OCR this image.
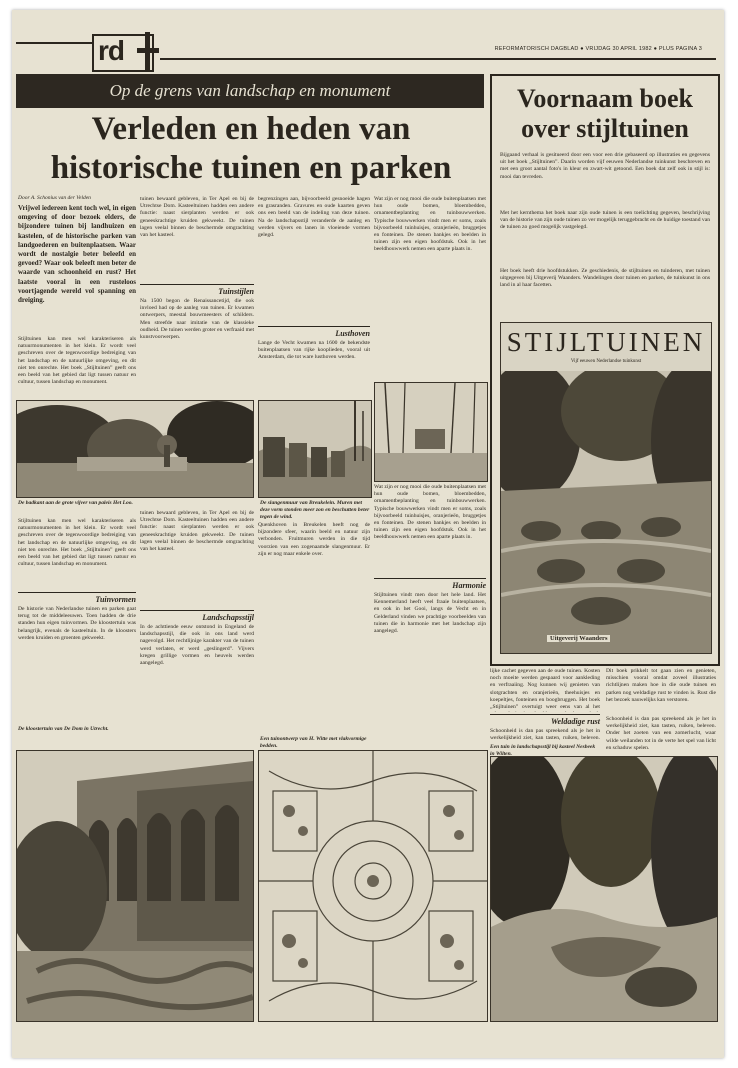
rd	REFORMATORISCH DAGBLAD ● VRIJDAG 30 APRIL 1982 ● PLUS PAGINA 3
Op de grens van landschap en monument
Verleden en heden van historische tuinen en parken
Door A. Schonius van der Velden
Vrijwel iedereen kent toch wel, in eigen omgeving of door bezoek elders, de bijzondere tuinen bij landhuizen en kastelen, of de historische parken van landgoederen en buitenplaatsen. Waar wordt de nostalgie beter beleefd en gevoed? Waar ook beleeft men beter de waarde van schoonheid en rust? Het laatste vooral in een rusteloos voortjagende wereld vol spanning en dreiging.
Stijltuinen kan men wel karakteriseren als natuurmonumenten in het klein. Er wordt veel geschreven over de tegenwoordige bedreiging van het landschap en de natuurlijke omgeving, en dit niet ten onrechte. Het boek „Stijltuinen” geeft ons een beeld van het gebied dat ligt tussen natuur en cultuur, tussen landschap en monument.
tuinen bewaard gebleven, in Ter Apel en bij de Utrechtse Dom. Kasteeltuinen hadden een andere functie: naast sierplanten werden er ook geneeskrachtige kruiden gekweekt. De tuinen lagen veelal binnen de beschermde omgrachting van het kasteel.
Tuinstijlen
Na 1500 begon de Renaissancetijd, die ook invloed had op de aanleg van tuinen. Er kwamen ontwerpers, meestal bouwmeesters of schilders. Men streefde naar imitatie van de klassieke oudheid. De tuinen werden groter en verfraaid met kunstvoorwerpen.
begrenzingen aan, bijvoorbeeld gesnoeide hagen en grasranden. Gravures en oude kaarten geven ons een beeld van de indeling van deze tuinen. Na de landschapsstijl veranderde de aanleg en werden vijvers en lanen in vloeiende vormen gelegd.
Lusthoven
Lange de Vecht kwamen na 1600 de bekendste buitenplaatsen van rijke kooplieden, vooral uit Amsterdam, die tot ware lusthoven werden.
Wat zijn er nog mooi die oude buitenplaatsen met hun oude bomen, bloembedden, ornamentbeplanting en tuinbouwwerken. Typische bouwwerken vindt men er soms, zoals bijvoorbeeld tuinhuisjes, oranjerieën, bruggetjes en fonteinen. De stenen bankjes en beelden in tuinen zijn een eigen hoofdstuk. Ook in het beeldhouwwerk nemen een aparte plaats in.
De badkant aan de grote vijver van paleis Het Loo.	De slangenmuur van Breukelein. Muren met deze vorm stonden meer zon en beschutten beter tegen de wind.
Wat zijn er nog mooi die oude buitenplaatsen met hun oude bomen, bloembedden, ornamentbeplanting en tuinbouwwerken. Typische bouwwerken vindt men er soms, zoals bijvoorbeeld tuinhuisjes, oranjerieën, bruggetjes en fonteinen. De stenen bankjes en beelden in tuinen zijn een eigen hoofdstuk. Ook in het beeldhouwwerk nemen een aparte plaats in.
Stijltuinen kan men wel karakteriseren als natuurmonumenten in het klein. Er wordt veel geschreven over de tegenwoordige bedreiging van het landschap en de natuurlijke omgeving, en dit niet ten onrechte. Het boek „Stijltuinen” geeft ons een beeld van het gebied dat ligt tussen natuur en cultuur, tussen landschap en monument.
Tuinvormen
De historie van Nederlandse tuinen en parken gaat terug tot de middeleeuwen. Toen hadden de drie standen hun eigen tuinvormen. De kloostertuin was belangrijk, evenals de kasteeltuin. In de kloosters werden kruiden en groenten gekweekt.
De kloostertuin van De Dom in Utrecht.
tuinen bewaard gebleven, in Ter Apel en bij de Utrechtse Dom. Kasteeltuinen hadden een andere functie: naast sierplanten werden er ook geneeskrachtige kruiden gekweekt. De tuinen lagen veelal binnen de beschermde omgrachting van het kasteel.
Landschapsstijl
In de achttiende eeuw ontstond in Engeland de landschapsstijl, die ook in ons land werd nagevolgd. Het rechtlijnige karakter van de tuinen werd verlaten, er werd „geslingerd”. Vijvers kregen grillige vormen en heuvels werden aangelegd.
Quenkhoven in Breukelen heeft nog de bijzondere sfeer, waarin beeld en natuur zijn verbonden. Fruitmuren werden in die tijd voorzien van een zogenaamde slangenmuur. Er zijn er nog maar enkele over.
Een tuinontwerp van H. Witte met vlakvormige bedden.
Harmonie
Stijltuinen vindt men door het hele land. Het Kennemerland heeft veel fraaie buitenplaatsen, en ook in het Gooi, langs de Vecht en in Gelderland vinden we prachtige voorbeelden van tuinen die in harmonie met het landschap zijn aangelegd.
lijke cachet gegeven aan de oude tuinen. Kosten noch moeite werden gespaard voor aankleding en verfraaiing. Nog kunnen wij genieten van slotgrachten en oranjerieën, theehuisjes en koepeltjes, fonteinen en boogbruggen. Het boek „Stijltuinen” overtuigt weer eens van al het
Dit boek prikkelt tot gaan zien en genieten, misschien vooral omdat zoveel illustraties richtlijnen maken hoe in die oude tuinen en parken nog weldadige rust te vinden is. Rust die het bezoek nauwelijks kan verstoren.
Weldadige rust
Schoonheid is dan pas spreekend als je het in werkelijkheid ziet, kan tasten, ruiken, beleven.
Een tuin in landschapsstijl bij kasteel Nesbeek in Wilten.
Schoonheid is dan pas spreekend als je het in werkelijkheid ziet, kan tasten, ruiken, beleven. Onder het zoeten van een zomerlucht, waar wilde weilanden tot in de verte het spel van licht en schaduw spelen.
Voornaam boek over stijltuinen
Bijgaand verhaal is gesitueerd door een voor een drie gebaseerd op illustraties en gegevens uit het boek „Stijltuinen”. Daarin worden vijf eeuwen Nederlandse tuinkunst beschreven en met een groot aantal foto's in kleur en zwart-wit getoond. Een boek dat zelf ook in stijl is: mooi dan tevreden.
Met het kernthema het boek naar zijn oude tuinen is een toelichting gegeven, beschrijving van de historie van zijn oude tuinen zo ver mogelijk teruggebracht en de huidige toestand van de tuinen zo goed mogelijk vastgelegd.
Het boek heeft drie hoofdstukken. Ze geschiedenis, de stijltuinen en tuinderen, met tuinen uitgegeven bij Uitgeverij Waanders. Wandelingen door tuinen en parken, de tuinkunst in ons land in al haar facetten.
STIJLTUINEN
Vijf eeuwen Nederlandse tuinkunst
Uitgeverij Waanders
